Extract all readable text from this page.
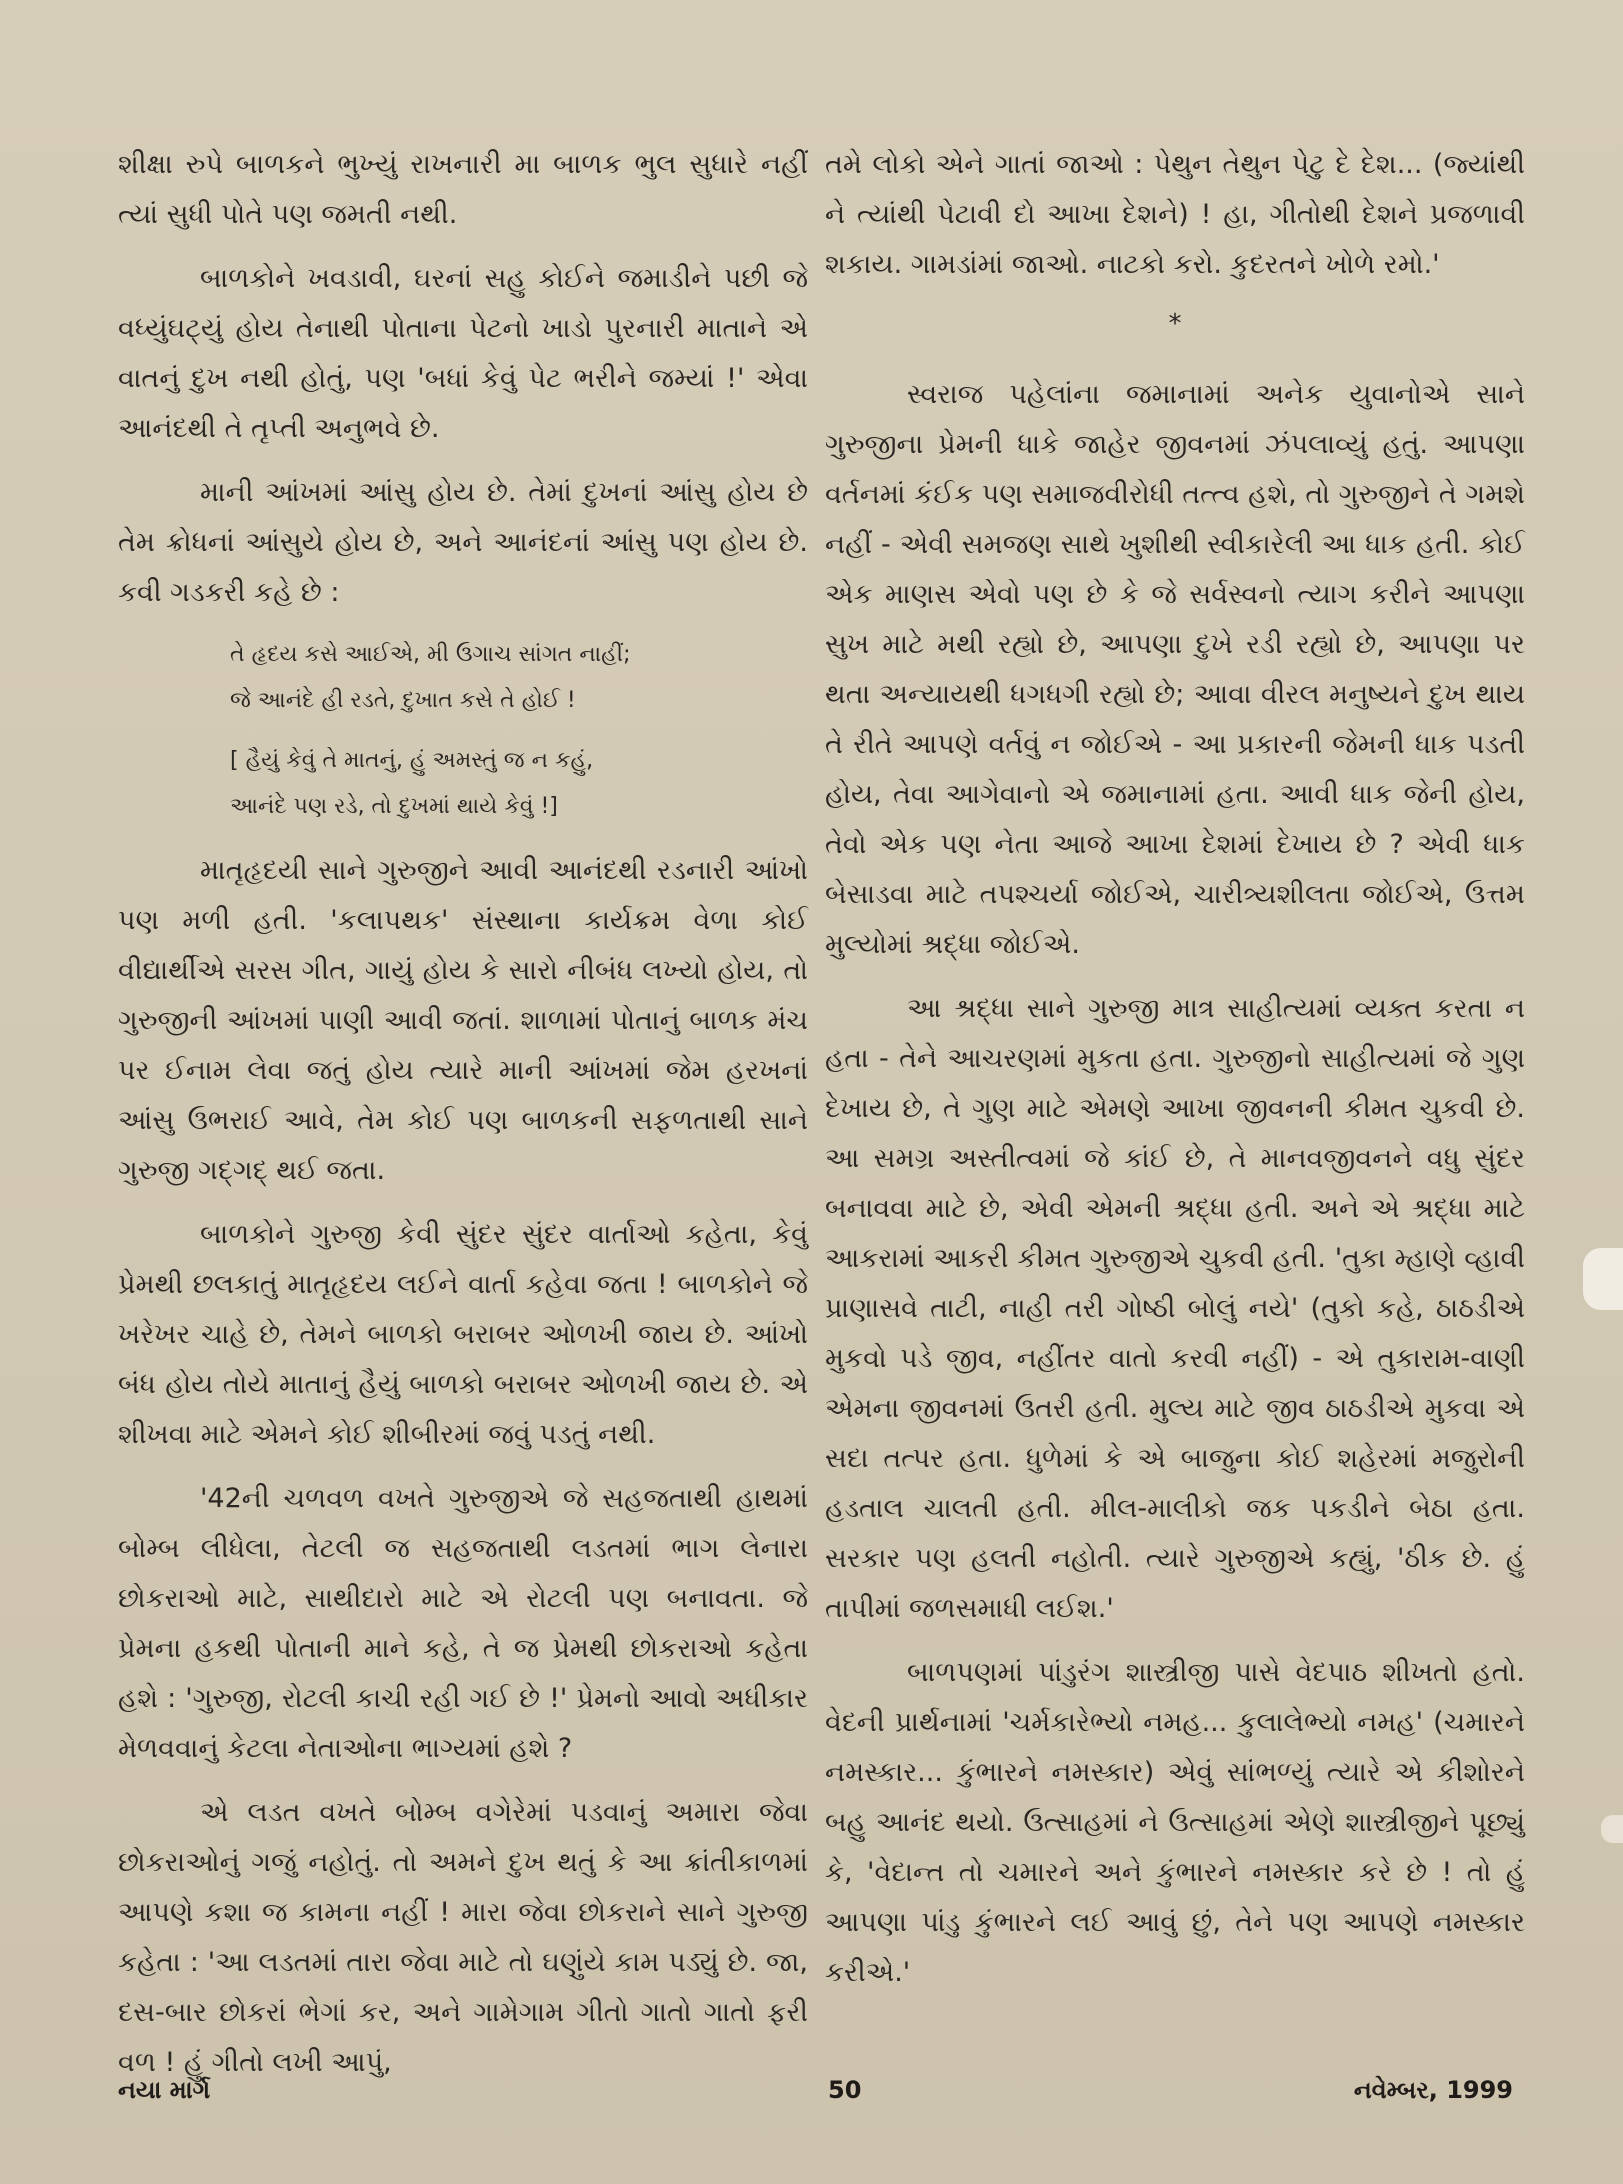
શીક્ષા રુપે બાળકને ભુખ્યું રાખનારી મા બાળક ભુલ સુધારે નહીં ત્યાં સુધી પોતે પણ જમતી નથી.

બાળકોને ખવડાવી, ઘરનાં સહુ કોઈને જમાડીને પછી જે વધ્યુંઘટ્યું હોય તેનાથી પોતાના પેટનો ખાડો પુરનારી માતાને એ વાતનું દુખ નથી હોતું, પણ 'બધાં કેવું પેટ ભરીને જમ્યાં !' એવા આનંદથી તે તૃપ્તી અનુભવે છે.

માની આંખમાં આંસુ હોય છે. તેમાં દુખનાં આંસુ હોય છે તેમ ક્રોધનાં આંસુયે હોય છે, અને આનંદનાં આંસુ પણ હોય છે. કવી ગડકરી કહે છે :

તે હૃદય કસે આઈએ, મી ઉગાચ સાંગત નાહીં;
જે આનંદે હી રડતે, દુખાત કસે તે હોઈ !
[ હૈયું કેવું તે માતનું, હું અમસ્તું જ ન કહું,
આનંદે પણ રડે, તો દુખમાં થાયે કેવું !]

માતૃહૃદયી સાને ગુરુજીને આવી આનંદથી રડનારી આંખો પણ મળી હતી. 'કલાપથક' સંસ્થાના કાર્યક્રમ વેળા કોઈ વીદ્યાર્થીએ સરસ ગીત, ગાયું હોય કે સારો નીબંધ લખ્યો હોય, તો ગુરુજીની આંખમાં પાણી આવી જતાં. શાળામાં પોતાનું બાળક મંચ પર ઈનામ લેવા જતું હોય ત્યારે માની આંખમાં જેમ હરખનાં આંસુ ઉભરાઈ આવે, તેમ કોઈ પણ બાળકની સફળતાથી સાને ગુરુજી ગદ્ગદ્ થઈ જતા.

બાળકોને ગુરુજી કેવી સુંદર સુંદર વાર્તાઓ કહેતા, કેવું પ્રેમથી છલકાતું માતૃહૃદય લઈને વાર્તા કહેવા જતા ! બાળકોને જે ખરેખર ચાહે છે, તેમને બાળકો બરાબર ઓળખી જાય છે. આંખો બંધ હોય તોયે માતાનું હૈયું બાળકો બરાબર ઓળખી જાય છે. એ શીખવા માટે એમને કોઈ શીબીરમાં જવું પડતું નથી.

'42ની ચળવળ વખતે ગુરુજીએ જે સહજતાથી હાથમાં બોમ્બ લીધેલા, તેટલી જ સહજતાથી લડતમાં ભાગ લેનારા છોકરાઓ માટે, સાથીદારો માટે એ રોટલી પણ બનાવતા. જે પ્રેમના હકથી પોતાની માને કહે, તે જ પ્રેમથી છોકરાઓ કહેતા હશે : 'ગુરુજી, રોટલી કાચી રહી ગઈ છે !' પ્રેમનો આવો અધીકાર મેળવવાનું કેટલા નેતાઓના ભાગ્યમાં હશે ?

એ લડત વખતે બોમ્બ વગેરેમાં પડવાનું અમારા જેવા છોકરાઓનું ગજું નહોતું. તો અમને દુખ થતું કે આ ક્રાંતીકાળમાં આપણે કશા જ કામના નહીં ! મારા જેવા છોકરાને સાને ગુરુજી કહેતા : 'આ લડતમાં તારા જેવા માટે તો ઘણુંયે કામ પડ્યું છે. જા, દસ-બાર છોકરાં ભેગાં કર, અને ગામેગામ ગીતો ગાતો ગાતો ફરી વળ ! હું ગીતો લખી આપું,

તમે લોકો એને ગાતાં જાઓ : પેથુન તેથુન પેટુ દે દેશ... (જ્યાંથી ને ત્યાંથી પેટાવી દો આખા દેશને) ! હા, ગીતોથી દેશને પ્રજળાવી શકાય. ગામડાંમાં જાઓ. નાટકો કરો. કુદરતને ખોળે રમો.'

*

સ્વરાજ પહેલાંના જમાનામાં અનેક યુવાનોએ સાને ગુરુજીના પ્રેમની ધાકે જાહેર જીવનમાં ઝંપલાવ્યું હતું. આપણા વર્તનમાં કંઈક પણ સમાજવીરોધી તત્ત્વ હશે, તો ગુરુજીને તે ગમશે નહીં - એવી સમજણ સાથે ખુશીથી સ્વીકારેલી આ ધાક હતી. કોઈ એક માણસ એવો પણ છે કે જે સર્વસ્વનો ત્યાગ કરીને આપણા સુખ માટે મથી રહ્યો છે, આપણા દુખે રડી રહ્યો છે, આપણા પર થતા અન્યાયથી ધગધગી રહ્યો છે; આવા વીરલ મનુષ્યને દુખ થાય તે રીતે આપણે વર્તવું ન જોઈએ - આ પ્રકારની જેમની ધાક પડતી હોય, તેવા આગેવાનો એ જમાનામાં હતા. આવી ધાક જેની હોય, તેવો એક પણ નેતા આજે આખા દેશમાં દેખાય છે ? એવી ધાક બેસાડવા માટે તપશ્ચર્યા જોઈએ, ચારીત્ર્યશીલતા જોઈએ, ઉત્તમ મુલ્યોમાં શ્રદ્ધા જોઈએ.

આ શ્રદ્ધા સાને ગુરુજી માત્ર સાહીત્યમાં વ્યક્ત કરતા ન હતા - તેને આચરણમાં મુકતા હતા. ગુરુજીનો સાહીત્યમાં જે ગુણ દેખાય છે, તે ગુણ માટે એમણે આખા જીવનની કીમત ચુકવી છે. આ સમગ્ર અસ્તીત્વમાં જે કાંઈ છે, તે માનવજીવનને વધુ સુંદર બનાવવા માટે છે, એવી એમની શ્રદ્ધા હતી. અને એ શ્રદ્ધા માટે આકરામાં આકરી કીમત ગુરુજીએ ચુકવી હતી. 'તુકા મ્હાણે વ્હાવી પ્રાણાસવે તાટી, નાહી તરી ગોષ્ઠી બોલું નયે' (તુકો કહે, ઠાઠડીએ મુકવો પડે જીવ, નહીંતર વાતો કરવી નહીં) - એ તુકારામ-વાણી એમના જીવનમાં ઉતરી હતી. મુલ્ય માટે જીવ ઠાઠડીએ મુકવા એ સદા તત્પર હતા. ધુળેમાં કે એ બાજુના કોઈ શહેરમાં મજુરોની હડતાલ ચાલતી હતી. મીલ-માલીકો જક પકડીને બેઠા હતા. સરકાર પણ હલતી નહોતી. ત્યારે ગુરુજીએ કહ્યું, 'ઠીક છે. હું તાપીમાં જળસમાધી લઈશ.'

બાળપણમાં પાંડુરંગ શાસ્ત્રીજી પાસે વેદપાઠ શીખતો હતો. વેદની પ્રાર્થનામાં 'ચર્મકારેભ્યો નમહ... કુલાલેભ્યો નમહ' (ચમારને નમસ્કાર... કુંભારને નમસ્કાર) એવું સાંભળ્યું ત્યારે એ કીશોરને બહુ આનંદ થયો. ઉત્સાહમાં ને ઉત્સાહમાં એણે શાસ્ત્રીજીને પૂછ્યું કે, 'વેદાન્ત તો ચમારને અને કુંભારને નમસ્કાર કરે છે ! તો હું આપણા પાંડુ કુંભારને લઈ આવું છું, તેને પણ આપણે નમસ્કાર કરીએ.'

નયા માર્ગ	50	નવેમ્બર, 1999
